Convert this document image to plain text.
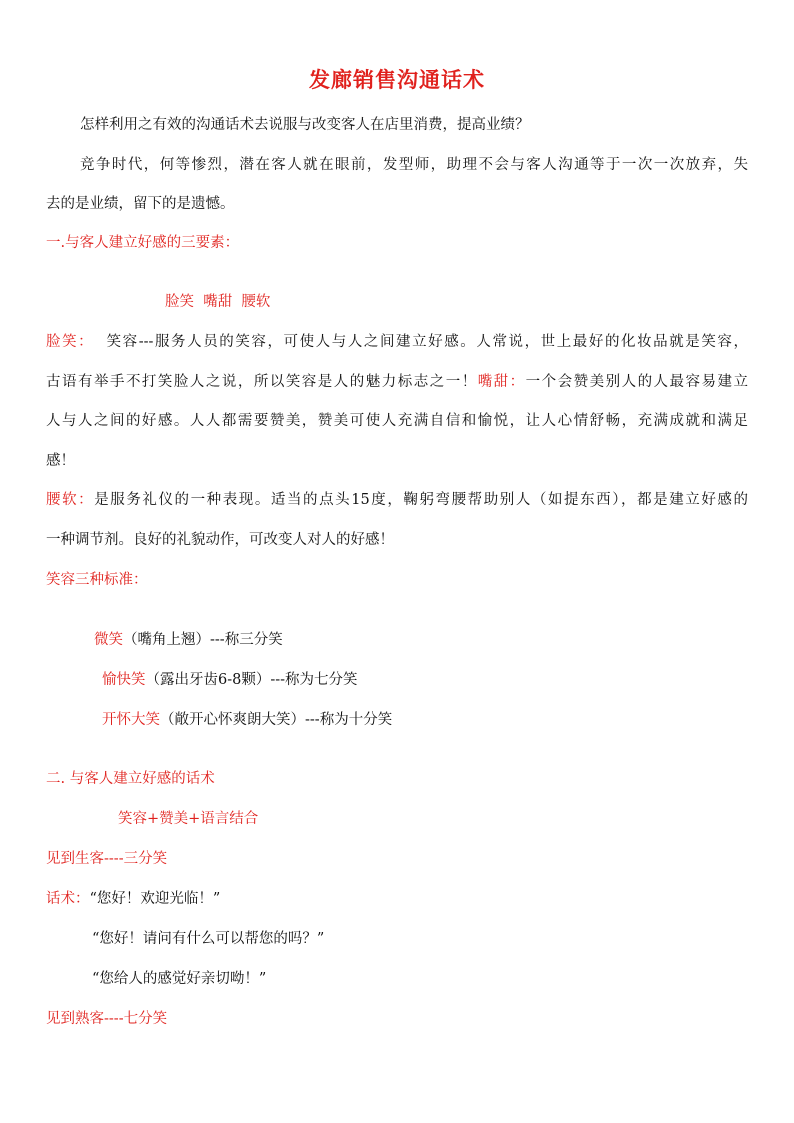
发廊销售沟通话术
怎样利用之有效的沟通话术去说服与改变客人在店里消费，提高业绩？
竞争时代，何等惨烈，潜在客人就在眼前，发型师，助理不会与客人沟通等于一次一次放弃，失
去的是业绩，留下的是遗憾。
一.与客人建立好感的三要素：
脸笑  嘴甜  腰软
脸笑：  笑容---服务人员的笑容，可使人与人之间建立好感。人常说，世上最好的化妆品就是笑容，
古语有举手不打笑脸人之说，所以笑容是人的魅力标志之一！嘴甜：一个会赞美别人的人最容易建立
人与人之间的好感。人人都需要赞美，赞美可使人充满自信和愉悦，让人心情舒畅，充满成就和满足
感！
腰软：是服务礼仪的一种表现。适当的点头15度，鞠躬弯腰帮助别人（如提东西），都是建立好感的
一种调节剂。良好的礼貌动作，可改变人对人的好感！
笑容三种标准：
微笑（嘴角上翘）---称三分笑
愉快笑（露出牙齿6-8颗）---称为七分笑
开怀大笑（敞开心怀爽朗大笑）---称为十分笑
二. 与客人建立好感的话术
笑容+赞美+语言结合
见到生客----三分笑
话术：“您好！欢迎光临！”
“您好！请问有什么可以帮您的吗？”
“您给人的感觉好亲切呦！”
见到熟客----七分笑
